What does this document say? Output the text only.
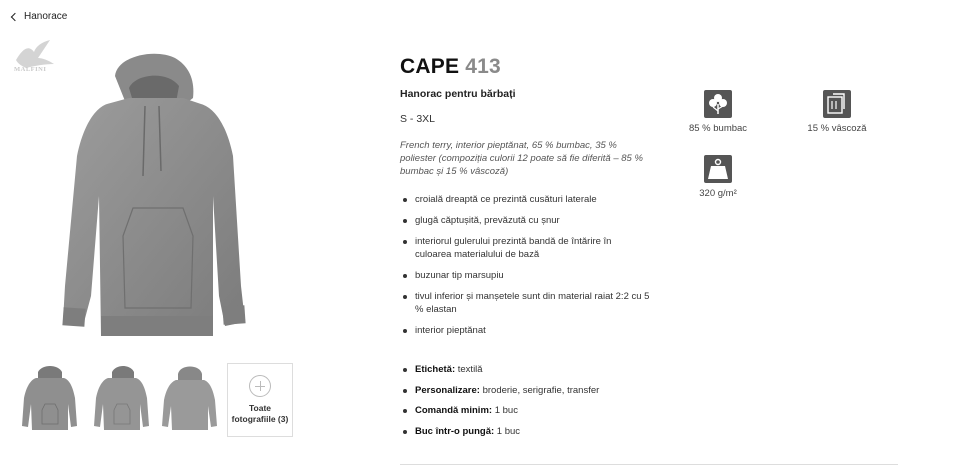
Hanorace
MALFINI
Toate fotografiile (3)
CAPE 413
Hanorac pentru bărbați
S - 3XL
French terry, interior pieptănat, 65 % bumbac, 35 % poliester (compoziția culorii 12 poate să fie diferită – 85 % bumbac și 15 % vâscoză)
croială dreaptă ce prezintă cusături laterale
glugă căptușită, prevăzută cu șnur
interiorul gulerului prezintă bandă de întărire în culoarea materialului de bază
buzunar tip marsupiu
tivul inferior și manșetele sunt din material raiat 2:2 cu 5 % elastan
interior pieptănat
Etichetă: textilă
Personalizare: broderie, serigrafie, transfer
Comandă minim: 1 buc
Buc într-o pungă: 1 buc
85 % bumbac	15 % vâscoză
320 g/m²
